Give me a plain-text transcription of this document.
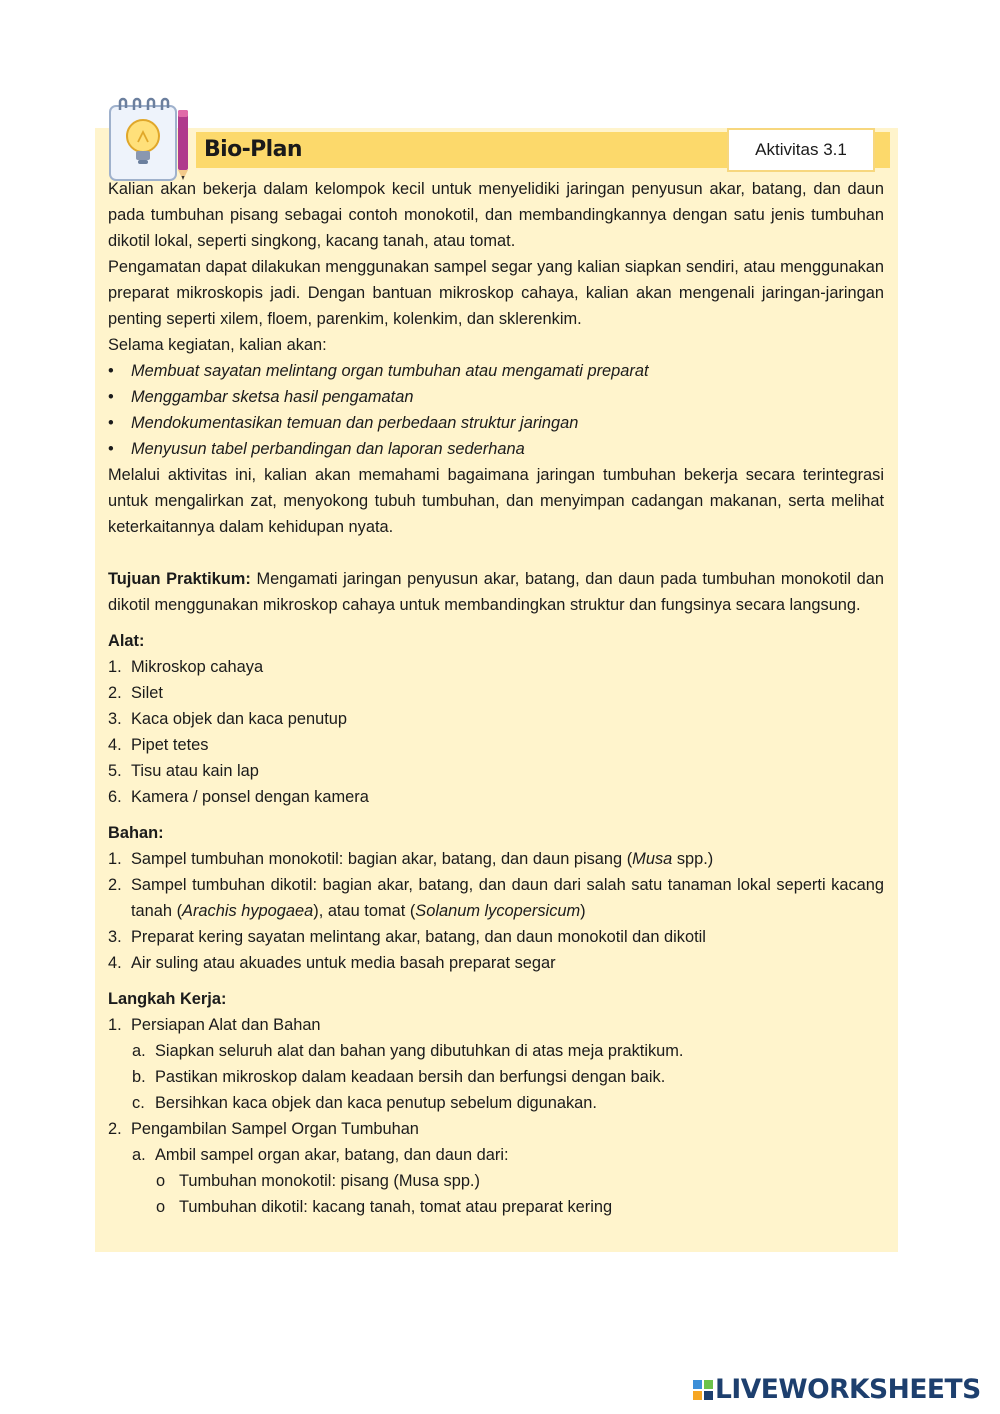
Bio-Plan	Aktivitas 3.1

Kalian akan bekerja dalam kelompok kecil untuk menyelidiki jaringan penyusun akar, batang, dan daun pada tumbuhan pisang sebagai contoh monokotil, dan membandingkannya dengan satu jenis tumbuhan dikotil lokal, seperti singkong, kacang tanah, atau tomat.

Pengamatan dapat dilakukan menggunakan sampel segar yang kalian siapkan sendiri, atau menggunakan preparat mikroskopis jadi. Dengan bantuan mikroskop cahaya, kalian akan mengenali jaringan-jaringan penting seperti xilem, floem, parenkim, kolenkim, dan sklerenkim.

Selama kegiatan, kalian akan:

• Membuat sayatan melintang organ tumbuhan atau mengamati preparat
• Menggambar sketsa hasil pengamatan
• Mendokumentasikan temuan dan perbedaan struktur jaringan
• Menyusun tabel perbandingan dan laporan sederhana

Melalui aktivitas ini, kalian akan memahami bagaimana jaringan tumbuhan bekerja secara terintegrasi untuk mengalirkan zat, menyokong tubuh tumbuhan, dan menyimpan cadangan makanan, serta melihat keterkaitannya dalam kehidupan nyata.

Tujuan Praktikum: Mengamati jaringan penyusun akar, batang, dan daun pada tumbuhan monokotil dan dikotil menggunakan mikroskop cahaya untuk membandingkan struktur dan fungsinya secara langsung.

Alat:
1. Mikroskop cahaya
2. Silet
3. Kaca objek dan kaca penutup
4. Pipet tetes
5. Tisu atau kain lap
6. Kamera / ponsel dengan kamera
Bahan:
1. Sampel tumbuhan monokotil: bagian akar, batang, dan daun pisang (Musa spp.)
2. Sampel tumbuhan dikotil: bagian akar, batang, dan daun dari salah satu tanaman lokal seperti kacang tanah (Arachis hypogaea), atau tomat (Solanum lycopersicum)
3. Preparat kering sayatan melintang akar, batang, dan daun monokotil dan dikotil
4. Air suling atau akuades untuk media basah preparat segar
Langkah Kerja:
1. Persiapan Alat dan Bahan
a. Siapkan seluruh alat dan bahan yang dibutuhkan di atas meja praktikum.
b. Pastikan mikroskop dalam keadaan bersih dan berfungsi dengan baik.
c. Bersihkan kaca objek dan kaca penutup sebelum digunakan.
2. Pengambilan Sampel Organ Tumbuhan
a. Ambil sampel organ akar, batang, dan daun dari:
o Tumbuhan monokotil: pisang (Musa spp.)
o Tumbuhan dikotil: kacang tanah, tomat atau preparat kering
LIVEWORKSHEETS
